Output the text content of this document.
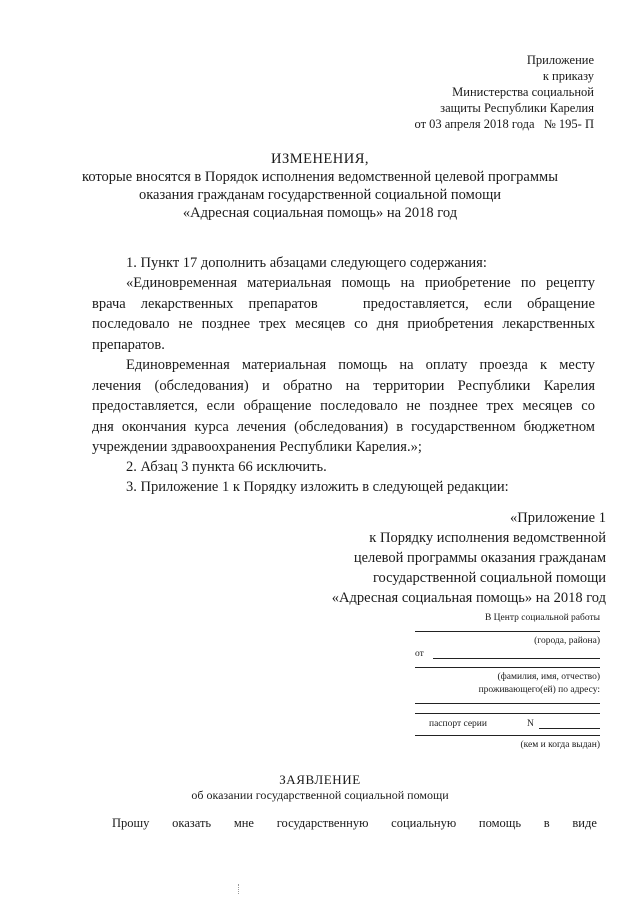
Приложение
к приказу
Министерства социальной
защиты Республики Карелия
от 03 апреля 2018 года   № 195- П
ИЗМЕНЕНИЯ,
которые вносятся в Порядок исполнения ведомственной целевой программы
оказания гражданам государственной социальной помощи
«Адресная социальная помощь» на 2018 год
1. Пункт 17 дополнить абзацами следующего содержания:
«Единовременная материальная помощь на приобретение по рецепту
врача лекарственных препаратов   предоставляется, если обращение
последовало не позднее трех месяцев со дня приобретения лекарственных
препаратов.
Единовременная материальная помощь на оплату проезда к месту
лечения (обследования) и обратно на территории Республики Карелия
предоставляется, если обращение последовало не позднее трех месяцев со
дня окончания курса лечения (обследования) в государственном бюджетном
учреждении здравоохранения Республики Карелия.»;
2. Абзац 3 пункта 66 исключить.
3. Приложение 1 к Порядку изложить в следующей редакции:
«Приложение 1
к Порядку исполнения ведомственной
целевой программы оказания гражданам
государственной социальной помощи
«Адресная социальная помощь» на 2018 год
В Центр социальной работы
(города, района)
от
(фамилия, имя, отчество)
проживающего(ей) по адресу:
паспорт серии	N
(кем и когда выдан)
ЗАЯВЛЕНИЕ
об оказании государственной социальной помощи
Прошу оказать мне государственную социальную помощь в виде
